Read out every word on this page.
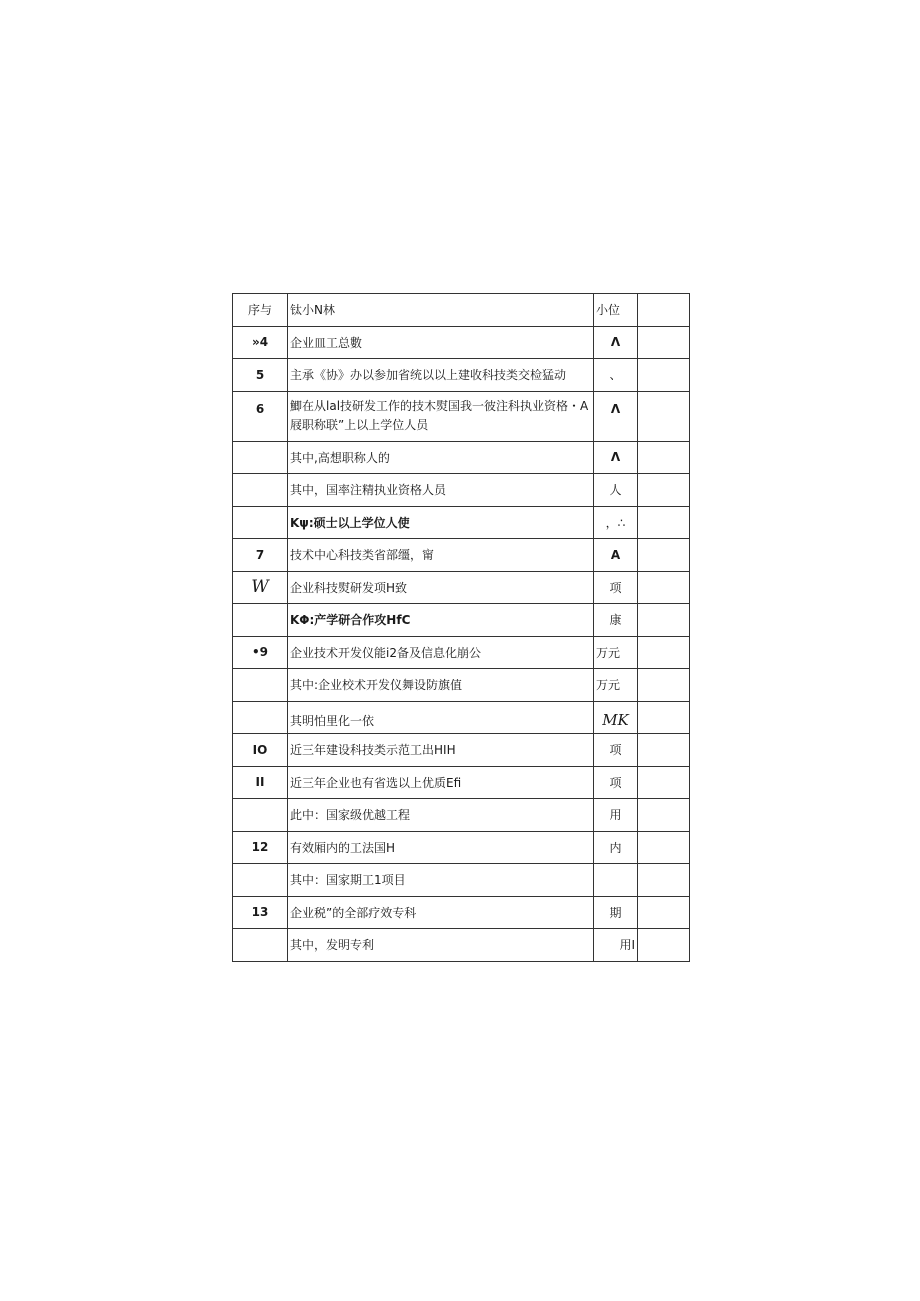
序与	钛小N林	小位	
»4	企业皿工总數	Λ	
5	主承《协》办以参加省统以以上建收科技类交检猛动	、	
6	鯽在从lal技研发工作的技木熨国我一彼注科执业资格・A屐职称联”上以上学位人员	Λ	
	其中,高想职称人的	Λ	
	其中，国率注精执业资格人员	人	
	Kψ:硕士以上学位人使	，∴	
7	技术中心科技类省部缰，甯	A	
W	企业科技熨研发项H致	项	
	KΦ:产学研合作攻HfC	康	
•9	企业技术开发仪能i2备及信息化崩公	万元	
	其中:企业校术开发仪舞设防旗值	万元	
	其明怕里化一依	MK	
IO	近三年建设科技类示范工出HIH	项	
II	近三年企业也有省选以上优质Efi	项	
	此中：国家级优越工程	用	
12	有效厢内的工法国H	内	
	其中：国家期工1项目		
13	企业税”的全部疗效专科	期	
	其中，发明专利	用I	
